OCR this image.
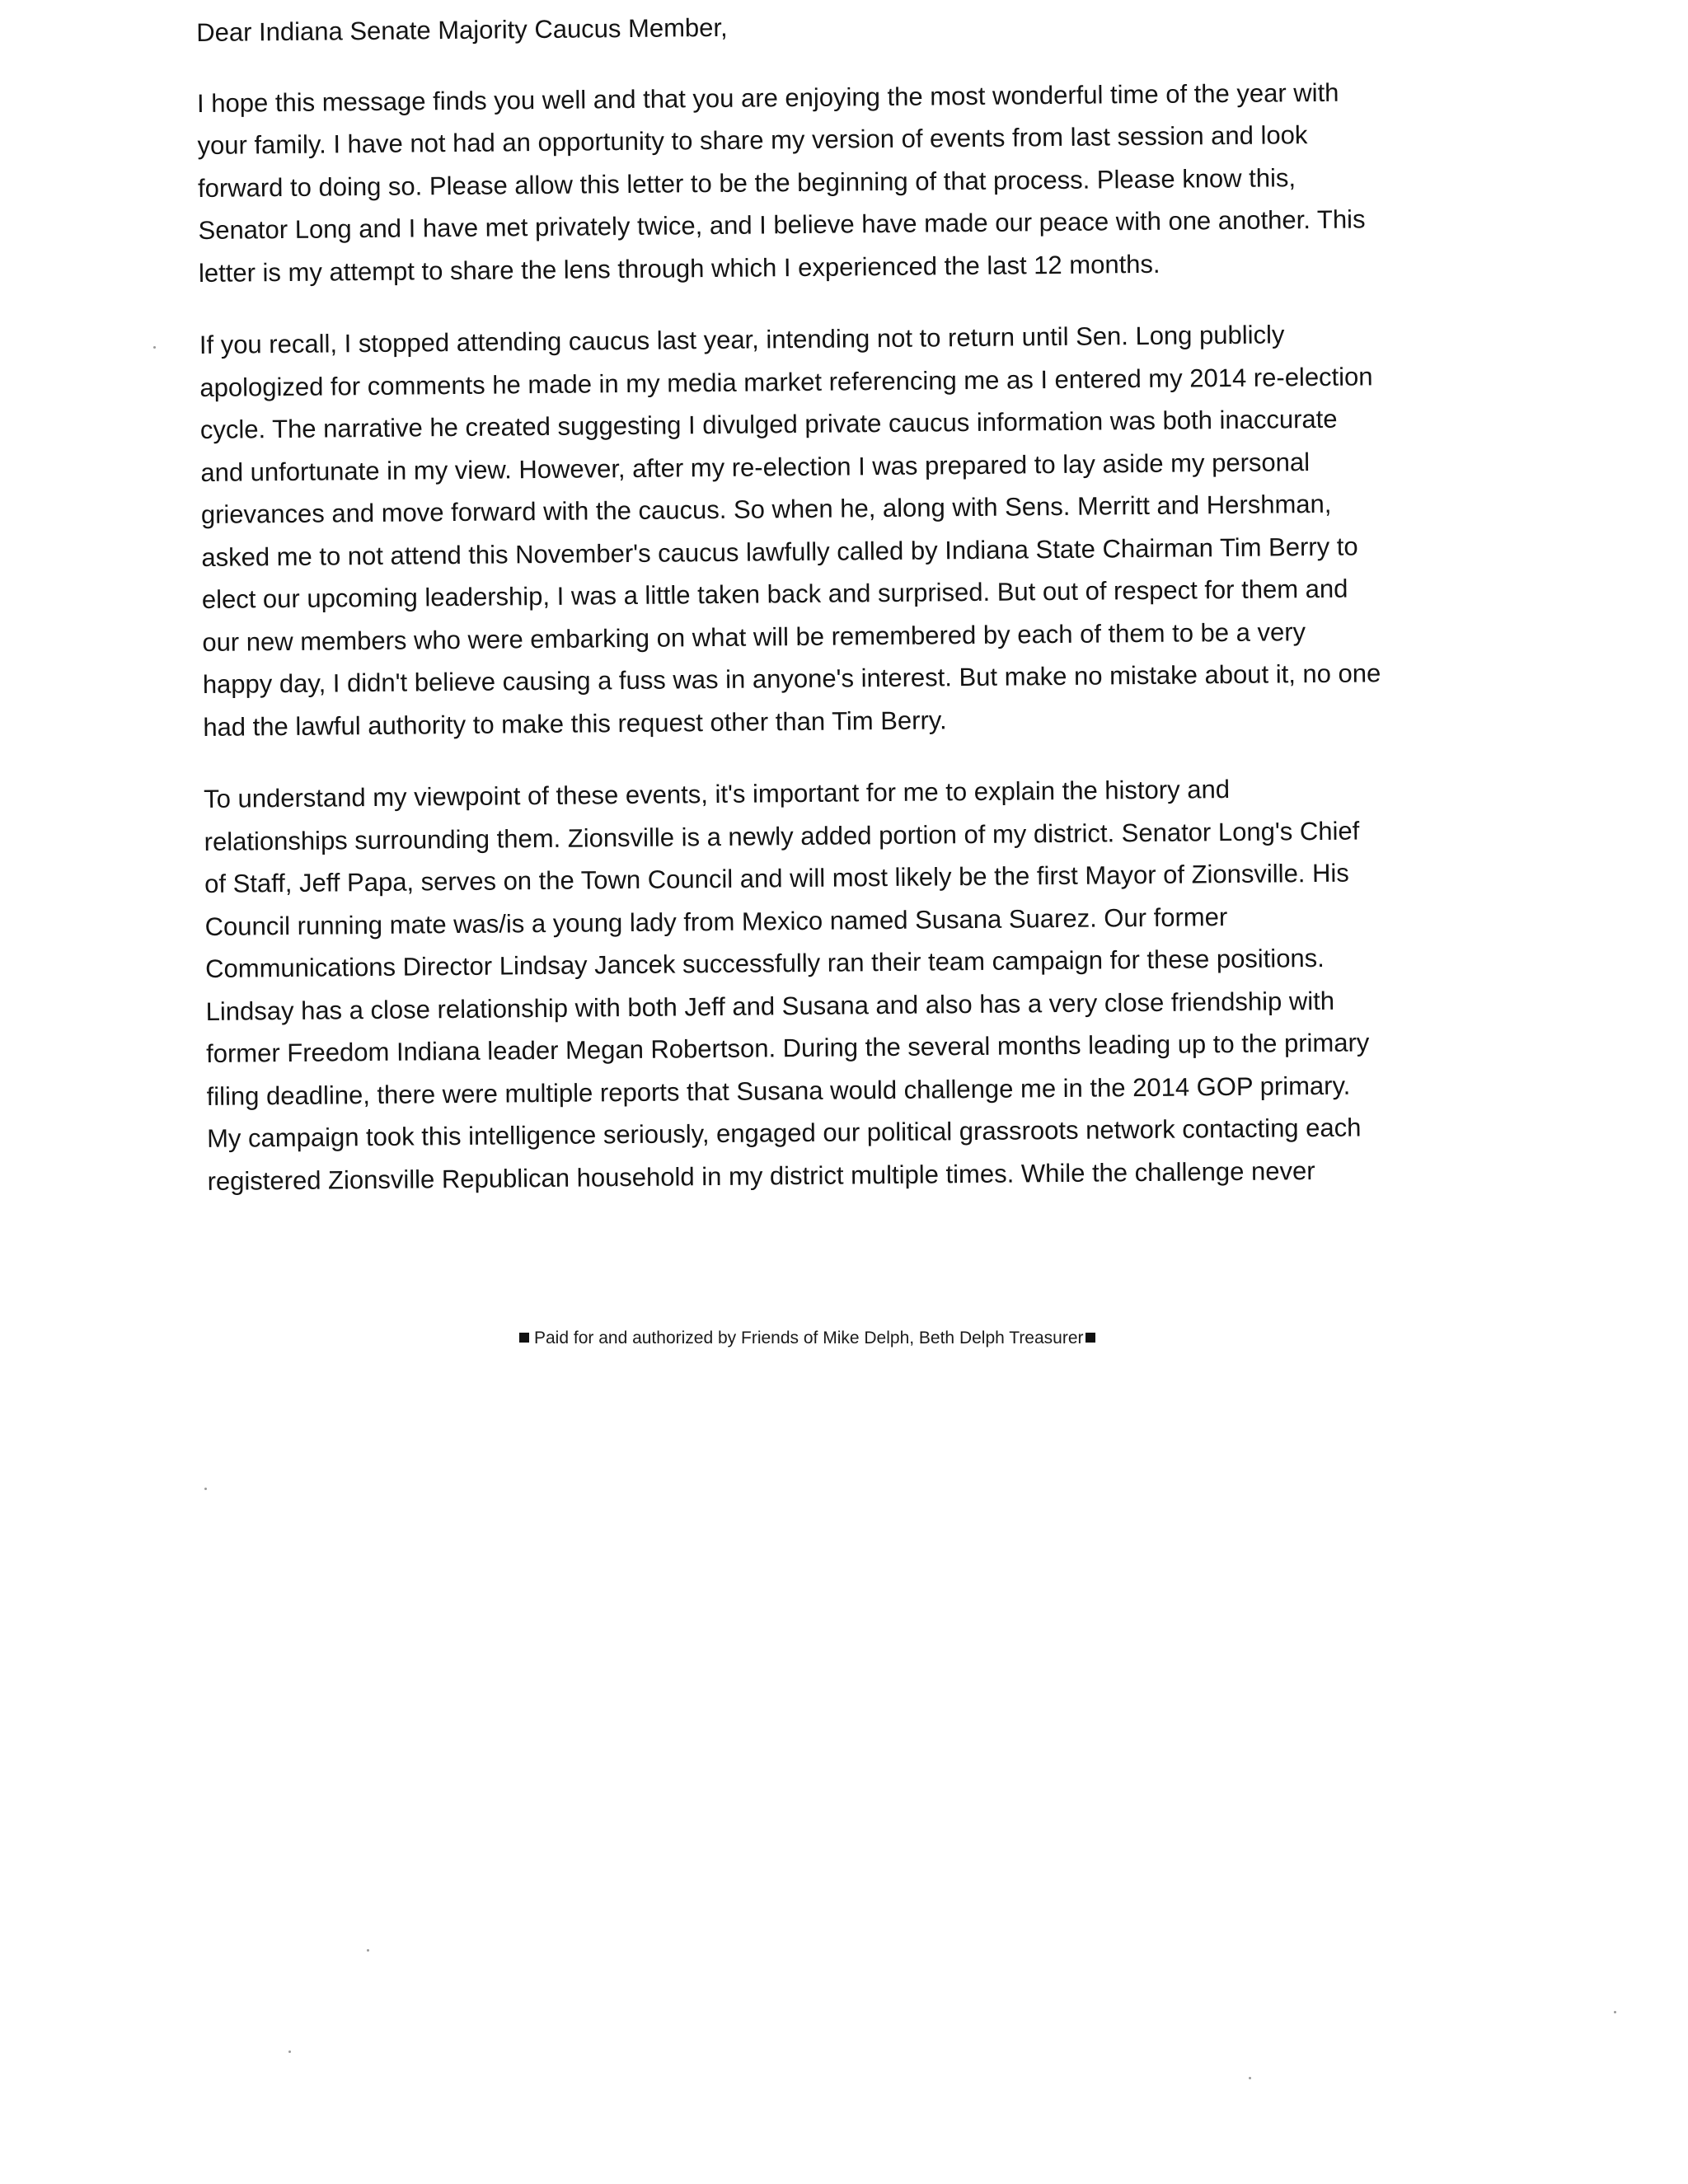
Dear Indiana Senate Majority Caucus Member,
I hope this message finds you well and that you are enjoying the most wonderful time of the year with
your family. I have not had an opportunity to share my version of events from last session and look
forward to doing so. Please allow this letter to be the beginning of that process. Please know this,
Senator Long and I have met privately twice, and I believe have made our peace with one another. This
letter is my attempt to share the lens through which I experienced the last 12 months.
If you recall, I stopped attending caucus last year, intending not to return until Sen. Long publicly
apologized for comments he made in my media market referencing me as I entered my 2014 re-election
cycle. The narrative he created suggesting I divulged private caucus information was both inaccurate
and unfortunate in my view. However, after my re-election I was prepared to lay aside my personal
grievances and move forward with the caucus. So when he, along with Sens. Merritt and Hershman,
asked me to not attend this November's caucus lawfully called by Indiana State Chairman Tim Berry to
elect our upcoming leadership, I was a little taken back and surprised. But out of respect for them and
our new members who were embarking on what will be remembered by each of them to be a very
happy day, I didn't believe causing a fuss was in anyone's interest. But make no mistake about it, no one
had the lawful authority to make this request other than Tim Berry.
To understand my viewpoint of these events, it's important for me to explain the history and
relationships surrounding them. Zionsville is a newly added portion of my district. Senator Long's Chief
of Staff, Jeff Papa, serves on the Town Council and will most likely be the first Mayor of Zionsville. His
Council running mate was/is a young lady from Mexico named Susana Suarez. Our former
Communications Director Lindsay Jancek successfully ran their team campaign for these positions.
Lindsay has a close relationship with both Jeff and Susana and also has a very close friendship with
former Freedom Indiana leader Megan Robertson. During the several months leading up to the primary
filing deadline, there were multiple reports that Susana would challenge me in the 2014 GOP primary.
My campaign took this intelligence seriously, engaged our political grassroots network contacting each
registered Zionsville Republican household in my district multiple times. While the challenge never
Paid for and authorized by Friends of Mike Delph, Beth Delph Treasurer
